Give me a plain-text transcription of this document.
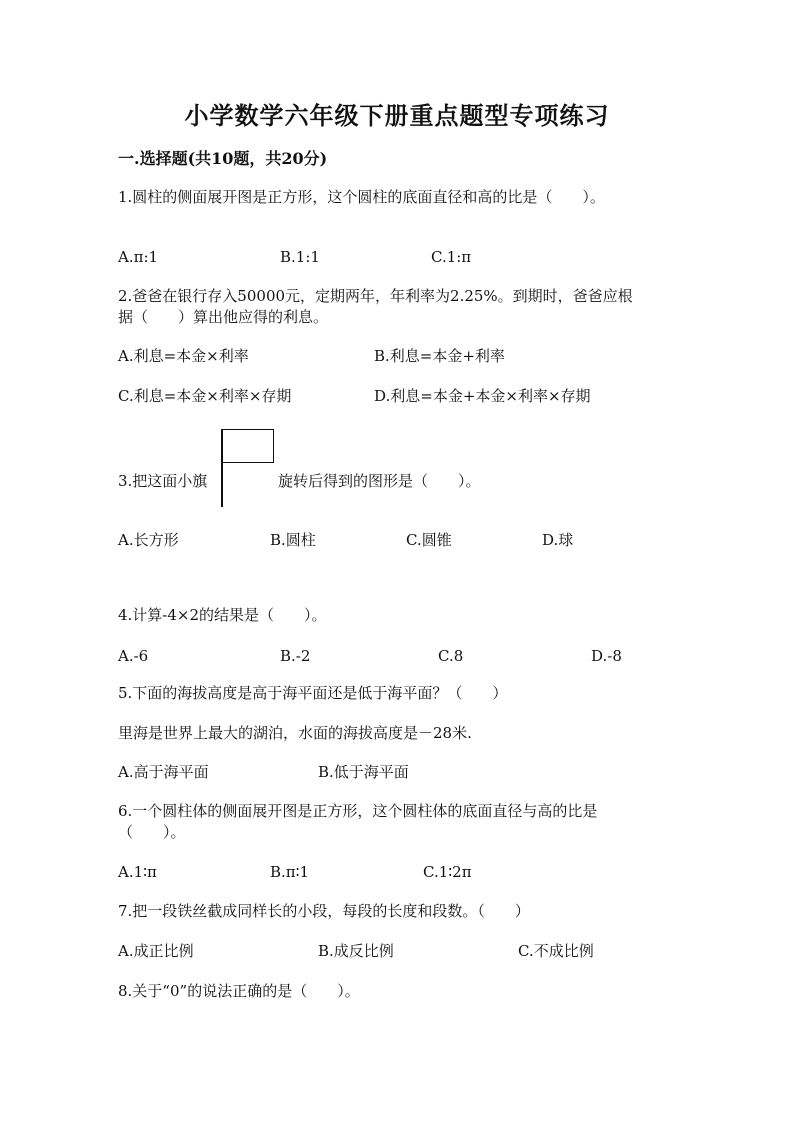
小学数学六年级下册重点题型专项练习
一.选择题(共10题，共20分)
1.圆柱的侧面展开图是正方形，这个圆柱的底面直径和高的比是（　　）。
A.π:1	B.1:1	C.1:π
2.爸爸在银行存入50000元，定期两年，年利率为2.25%。到期时，爸爸应根
据（　　）算出他应得的利息。
A.利息=本金×利率	B.利息=本金+利率
C.利息=本金×利率×存期	D.利息=本金+本金×利率×存期
3.把这面小旗	旋转后得到的图形是（　　）。
A.长方形	B.圆柱	C.圆锥	D.球
4.计算-4×2的结果是（　　）。
A.-6	B.-2	C.8	D.-8
5.下面的海拔高度是高于海平面还是低于海平面？（　　）
里海是世界上最大的湖泊，水面的海拔高度是－28米.
A.高于海平面	B.低于海平面
6.一个圆柱体的侧面展开图是正方形，这个圆柱体的底面直径与高的比是
（　　）。
A.1∶π	B.π∶1	C.1∶2π
7.把一段铁丝截成同样长的小段，每段的长度和段数。（　　）
A.成正比例	B.成反比例	C.不成比例
8.关于“0”的说法正确的是（　　）。
